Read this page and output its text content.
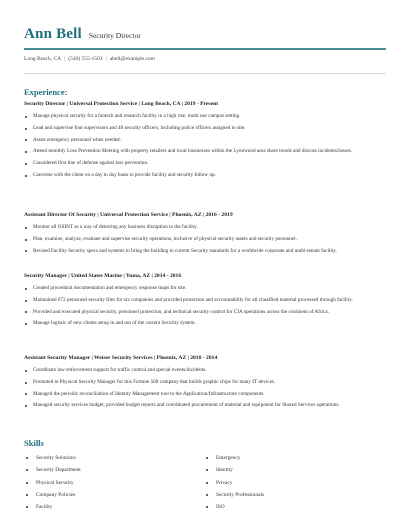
Ann Bell Security Director
Long Beach, CA | (540) 555-1503 | abell@example.com
Experience:
Security Director | Universal Protection Service | Long Beach, CA | 2019 - Present
Manage physical security for a biotech and research facility in a high rise, multi use campus setting.
Lead and supervise four supervisors and 40 security officers, including police officers assigned to site.
Assist emergency personnel when needed.
Attend monthly Loss Prevention Meeting with property retailers and local businesses within the Lynnwood area share trends and discuss incidents/losses.
Considered first line of defense against loss prevention.
Converse with the client on a day to day basis to provide facility and security follow up.
Assistant Director Of Security | Universal Protection Service | Phoenix, AZ | 2016 - 2019
Monitor all OSINT as a way of deterring any business disruption to the facility.
Plan, examine, analyze, evaluate and supervise security operations, inclusive of physical security assets and security personnel.
Revised Facility Security specs and systems to bring the building to current Security standards for a worldwide corporate and multi-tenant facility.
Security Manager | United States Marine | Yuma, AZ | 2014 - 2016
Created procedural documentation and emergency response maps for site.
Maintained 672 personnel security files for six companies and provided protection and accountability for all classified material processed through facility.
Provided and executed physical security, personnel protection, and technical security control for CIA operations across the continent of Africa.
Manage logistic of new clients setup in and out of the current Security system.
Assistant Security Manager | Weiser Security Services | Phoenix, AZ | 2010 - 2014
Coordinate law enforcement support for traffic control and special events/incidents.
Promoted to Physical Security Manager for this Fortune 500 company that builds graphic chips for many IT devices.
Managed the periodic reconciliation of Identity Management tool to the Application/Infrastructure components.
Managed security services budget, provided budget reports and coordinated procurement of material and equipment for Shared Services operations.
Skills
Security Solutions	Emergency
Security Department	Identity
Physical Security	Privacy
Company Policies	Security Professionals
Facility	ISO
